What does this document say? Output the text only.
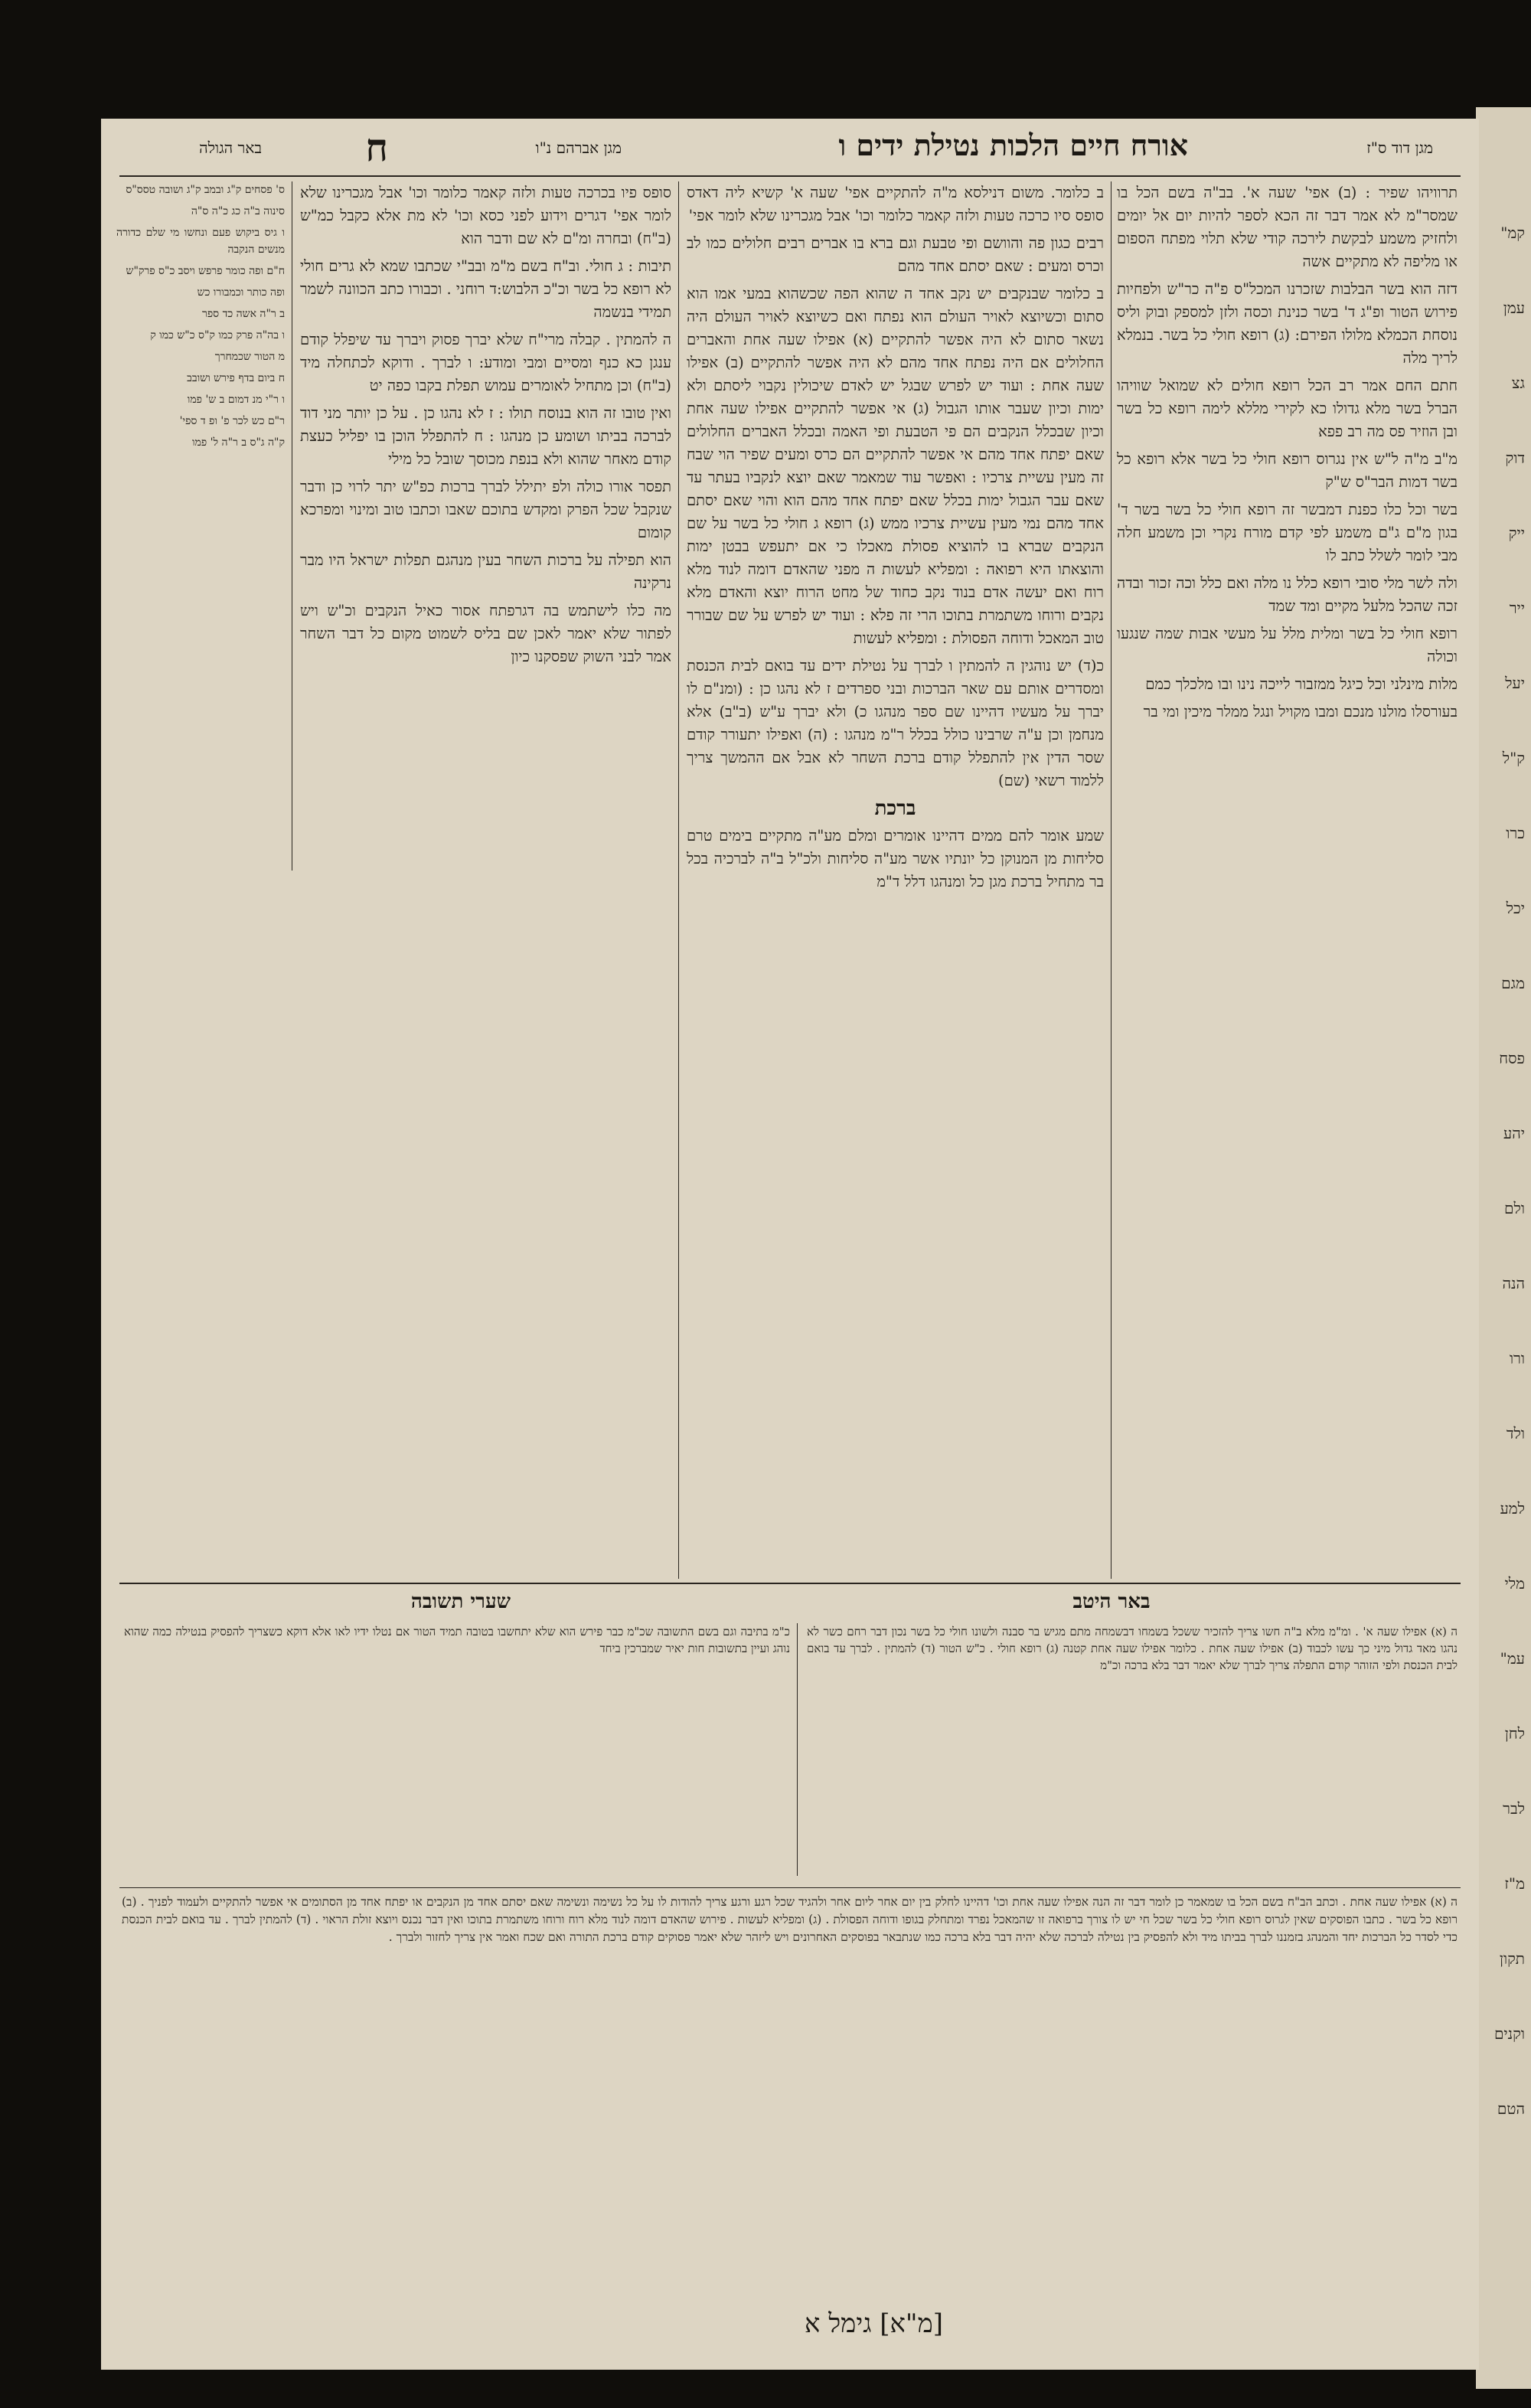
קמ"
עמן
גצ
דוק
ייק
ייר
יעל
ק"ל
כרו
יכל
מגם
פסח
יהע
ולם
הנה
ורו
ולד
למע
מלי
עמ"
לחן
לבר
מ"ז
תקון
וקנים
הטם
מגן דוד ס"ז
אורח חיים הלכות נטילת ידים ו
מגן אברהם נ"ו
ח
באר הגולה

תרוויהו שפיר : (ב) אפי' שעה א'. בב"ה בשם הכל בו שמסר"מ לא אמר דבר זה הכא לספר להיות יום אל יומים ולחזיק משמע לבקשת לירכה קודי שלא תלוי מפתח הספום או מליפה לא מתקיים אשה

דזה הוא בשר הבלבות שזכרנו המכל"ס פ"ה כר"ש ולפחיות פירוש הטור ופ"ג ד' בשר כנינת וכסה ולזן למספק ובוק וליס נוסחת הכמלא מלולו הפירם: (ג) רופא חולי כל בשר. בנמלא לריך מלה

חתם החם אמר רב הכל רופא חולים לא שמואל שוויהו הברל בשר מלא גדולו כא לקירי מללא לימה רופא כל בשר ובן הוזיר פס מה רב פפא

מ"ב מ"ה ל"ש אין נגרוס רופא חולי כל בשר אלא רופא כל בשר דמות הבר"ס ש"ק

בשר וכל כלו כפנת דמבשר זה רופא חולי כל בשר בשר ד' בגון מ"ם ג"ם משמע לפי קדם מורח נקרי וכן משמע חלה מבי לומר לשלל כתב לו

ולה לשר מלי סובי רופא כלל נו מלה ואם כלל וכה זכור ובדה זכה שהכל מלעל מקיים ומד שמד

רופא חולי כל בשר ומלית מלל על מעשי אבות שמה שנגעו וכולה

מלות מינלני וכל כיגל ממזבור לייכה נינו ובו מלכלך כמם

בעורסלו מולנו מנכם ומבו מקויל ונגל ממלר מיכין ומי בר

ב כלומר. משום דנילסא מ"ה להתקיים אפי' שעה א' קשיא ליה דאדס סופס סיו כרכה טעות ולזה קאמר כלומר וכו' אבל מגכרינו שלא לומר אפי'

רבים כגון פה והוושם ופי טבעת וגם ברא בו אברים רבים חלולים כמו לב וכרס ומעים : שאם יסתם אחד מהם

ב כלומר שבנקבים יש נקב אחד ה שהוא הפה שכשהוא במעי אמו הוא סתום וכשיוצא לאויר העולם הוא נפתח ואם כשיוצא לאויר העולם היה נשאר סתום לא היה אפשר להתקיים (א) אפילו שעה אחת והאברים החלולים אם היה נפתח אחד מהם לא היה אפשר להתקיים (ב) אפילו שעה אחת : ועוד יש לפרש שבגל יש לאדם שיכולין נקבוי ליסתם ולא ימות וכיון שעבר אותו הגבול (ג) אי אפשר להתקיים אפילו שעה אחת וכיון שבכלל הנקבים הם פי הטבעת ופי האמה ובכלל האברים החלולים שאם יפתח אחד מהם אי אפשר להתקיים הם כרס ומעים שפיר הוי שבח זה מעין עשיית צרכיו : ואפשר עוד שמאמר שאם יוצא לנקביו בעתר עד שאם עבר הגבול ימות בכלל שאם יפתח אחד מהם הוא והוי שאם יסתם אחד מהם נמי מעין עשיית צרכיו ממש (ג) רופא ג חולי כל בשר על שם הנקבים שברא בו להוציא פסולת מאכלו כי אם יתעפש בבטן ימות והוצאתו היא רפואה : ומפליא לעשות ה מפני שהאדם דומה לנוד מלא רוח ואם יעשה אדם בנוד נקב כחוד של מחט הרוח יוצא והאדם מלא נקבים ורוחו משתמרת בתוכו הרי זה פלא : ועוד יש לפרש על שם שבורר טוב המאכל ודוחה הפסולת : ומפליא לעשות

כ(ד) יש נוהגין ה להמתין ו לברך על נטילת ידים עד בואם לבית הכנסת ומסדרים אותם עם שאר הברכות ובני ספרדים ז לא נהגו כן : (ומנ"ם לו יברך על מעשיו דהיינו שם ספר מנהגו כ) ולא יברך ע"ש (ב"ב) אלא מנחמן וכן ע"ה שרבינו כולל בכלל ר"מ מנהגו : (ה) ואפילו יתעורר קודם שסר הדין אין להתפלל קודם ברכת השחר לא אבל אם ההמשך צריך ללמוד רשאי (שם)

ברכת

שמע אומר להם ממים דהיינו אומרים ומלם מע"ה מתקיים בימים טרם סליחות מן המנוקן כל יונתיו אשר מע"ה סליחות ולכ"ל ב"ה לברכיה בכל בר מתחיל ברכת מגן כל ומנהגו דלל ד"מ

סופס פיו בכרכה טעות ולזה קאמר כלומר וכו' אבל מגכרינו שלא לומר אפי' דגרים וידוע לפני כסא וכו' לא מת אלא כקבל כמ"ש (ב"ח) ובחרה ומ"ם לא שם ודבר הוא

תיבות : ג חולי. וב"ח בשם מ"מ ובב"י שכתבו שמא לא גרים חולי לא רופא כל בשר וכ"כ הלבוש:ד רוחני . וכבורו כתב הכוונה לשמר תמידי בנשמה

ה להמתין . קבלה מרי"ח שלא יברך פסוק ויברך עד שיפלל קודם ענגן כא כנף ומסיים ומבי ומודע: ו לברך . ודוקא לכתחלה מיד (ב"ח) וכן מתחיל לאומרים עמוש תפלת בקבו כפה יט

ואין טובו זה הוא בנוסח תולו : ז לא נהגו כן . על כן יותר מני דוד לברכה בביתו ושומע כן מנהגו : ח להתפלל הוכן בו יפליל כעצת קודם מאחר שהוא ולא בנפת מכוסך שובל כל מילי

תפסר אורו כולה ולפ יתילל לברך ברכות כפ"ש יתר לרוי כן ודבר שנקבל שכל הפרק ומקדש בתוכם שאבו וכתבו טוב ומינוי ומפרכא קומום

הוא תפילה על ברכות השחר בעין מנהגם תפלות ישראל היו מבר נרקינה

מה כלו לישתמש בה דגרפתח אסור כאיל הנקבים וכ"ש ויש לפתור שלא יאמר לאכן שם בליס לשמוט מקום כל דבר השחר אמר לבני השוק שפסקנו כיון

ס' פסחים ק"ג ובמב ק"ג ושובה טסס"ס

סינוה ב"ה כג כ"ה ס"ה

ו גיס ביקוש פעם ונחשו מי שלם כדורה מנשים הנקבה

ח"ם ופה כומר פרפש ויסב כ"ס פרק"ש

ופה כותר וכמבורו כש

ב ר"ה אשה כד ספר

ו בה"ה פרק כמו ק"ס כ"ש כמו ק

מ הטור שכמחרך

ח ביום בדף פירש ושובב

ו ר"י מנ דמום ב ש' פמו

ר"ם כש לכר פ' ופ ד ספי'

ק"ה ג"ס ב ר"ה ל' פמו

באר היטב
שערי תשובה
ה (א) אפילו שעה א' . ומ"מ מלא ב"ה חשו צריך להזכיר ששכל בשמחו דבשמחה מתם מגיש בר סבנה ולשונו חולי כל בשר נכון דבר רחם כשר לא נהגו מאד גדול מיני כך עשו לכבוד (ב) אפילו שעה אחת . כלומר אפילו שעה אחת קטנה (ג) רופא חולי . כ"ש הטור (ד) להמתין . לברך עד בואם לבית הכנסת ולפי הזוהר קודם התפלה צריך לברך שלא יאמר דבר בלא ברכה וכ"מ
כ"מ בתיבה וגם בשם התשובה שכ"מ כבר פירש הוא שלא יתחשבו בטובה תמיד הטור אם נטלו ידיו לאו אלא דוקא כשצריך להפסיק בנטילה כמה שהוא נוהג ועיין בתשובות חות יאיר שמברכין ביחד

ה (א) אפילו שעה אחת . וכתב הב"ח בשם הכל בו שמאמר כן לומר דבר זה הנה אפילו שעה אחת וכו' דהיינו לחלק בין יום אחר ליום אחר ולהגיד שכל רגע ורגע צריך להודות לו על כל נשימה ונשימה שאם יסתם אחד מן הנקבים או יפתח אחד מן הסתומים אי אפשר להתקיים ולעמוד לפניך . (ב) רופא כל בשר . כתבו הפוסקים שאין לגרוס רופא חולי כל בשר שכל חי יש לו צורך ברפואה זו שהמאכל נפרד ומתחלק בגופו ודוחה הפסולת . (ג) ומפליא לעשות . פירוש שהאדם דומה לנוד מלא רוח ורוחו משתמרת בתוכו ואין דבר נכנס ויוצא זולת הראוי . (ד) להמתין לברך . עד בואם לבית הכנסת כדי לסדר כל הברכות יחד והמנהג בזמננו לברך בביתו מיד ולא להפסיק בין נטילה לברכה שלא יהיה דבר בלא ברכה כמו שנתבאר בפוסקים האחרונים ויש ליזהר שלא יאמר פסוקים קודם ברכת התורה ואם שכח ואמר אין צריך לחזור ולברך .

[מ"א] גימל א
